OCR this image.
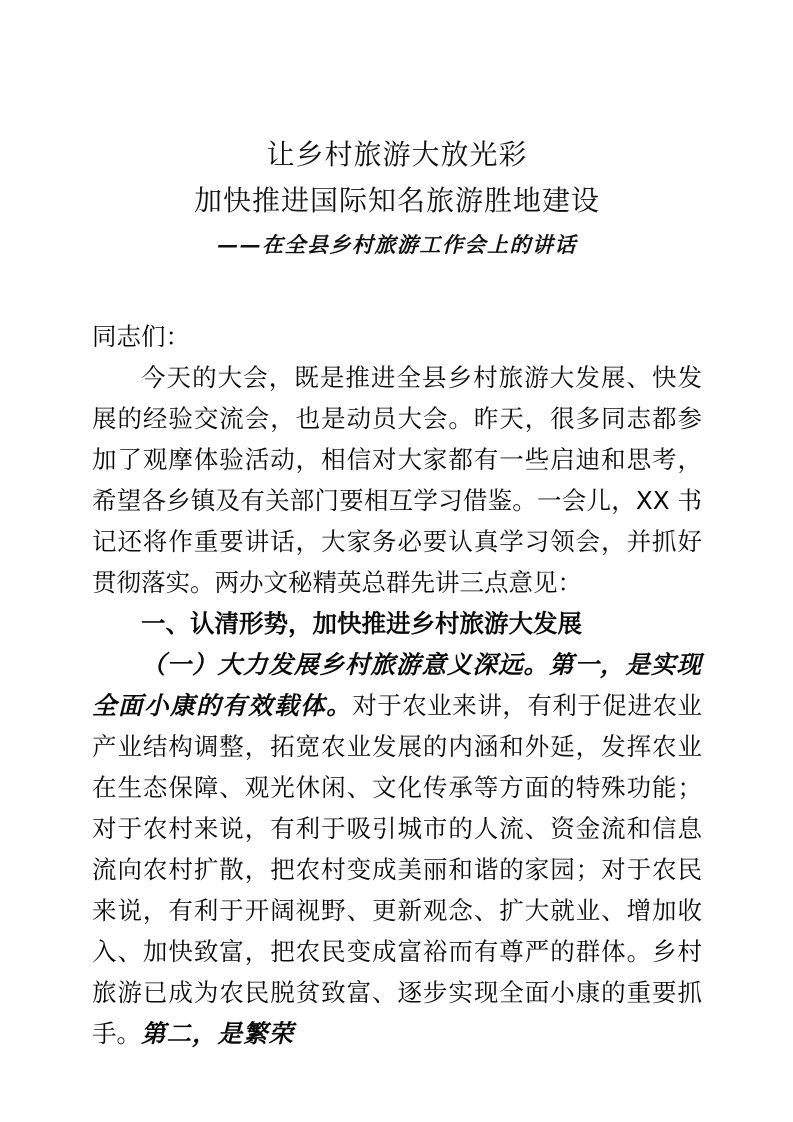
让乡村旅游大放光彩
加快推进国际知名旅游胜地建设
——在全县乡村旅游工作会上的讲话

同志们：

今天的大会，既是推进全县乡村旅游大发展、快发展的经验交流会，也是动员大会。昨天，很多同志都参加了观摩体验活动，相信对大家都有一些启迪和思考，希望各乡镇及有关部门要相互学习借鉴。一会儿，XX 书记还将作重要讲话，大家务必要认真学习领会，并抓好贯彻落实。两办文秘精英总群先讲三点意见：

一、认清形势，加快推进乡村旅游大发展

（一）大力发展乡村旅游意义深远。第一，是实现全面小康的有效载体。对于农业来讲，有利于促进农业产业结构调整，拓宽农业发展的内涵和外延，发挥农业在生态保障、观光休闲、文化传承等方面的特殊功能；对于农村来说，有利于吸引城市的人流、资金流和信息流向农村扩散，把农村变成美丽和谐的家园；对于农民来说，有利于开阔视野、更新观念、扩大就业、增加收入、加快致富，把农民变成富裕而有尊严的群体。乡村旅游已成为农民脱贫致富、逐步实现全面小康的重要抓手。第二，是繁荣
